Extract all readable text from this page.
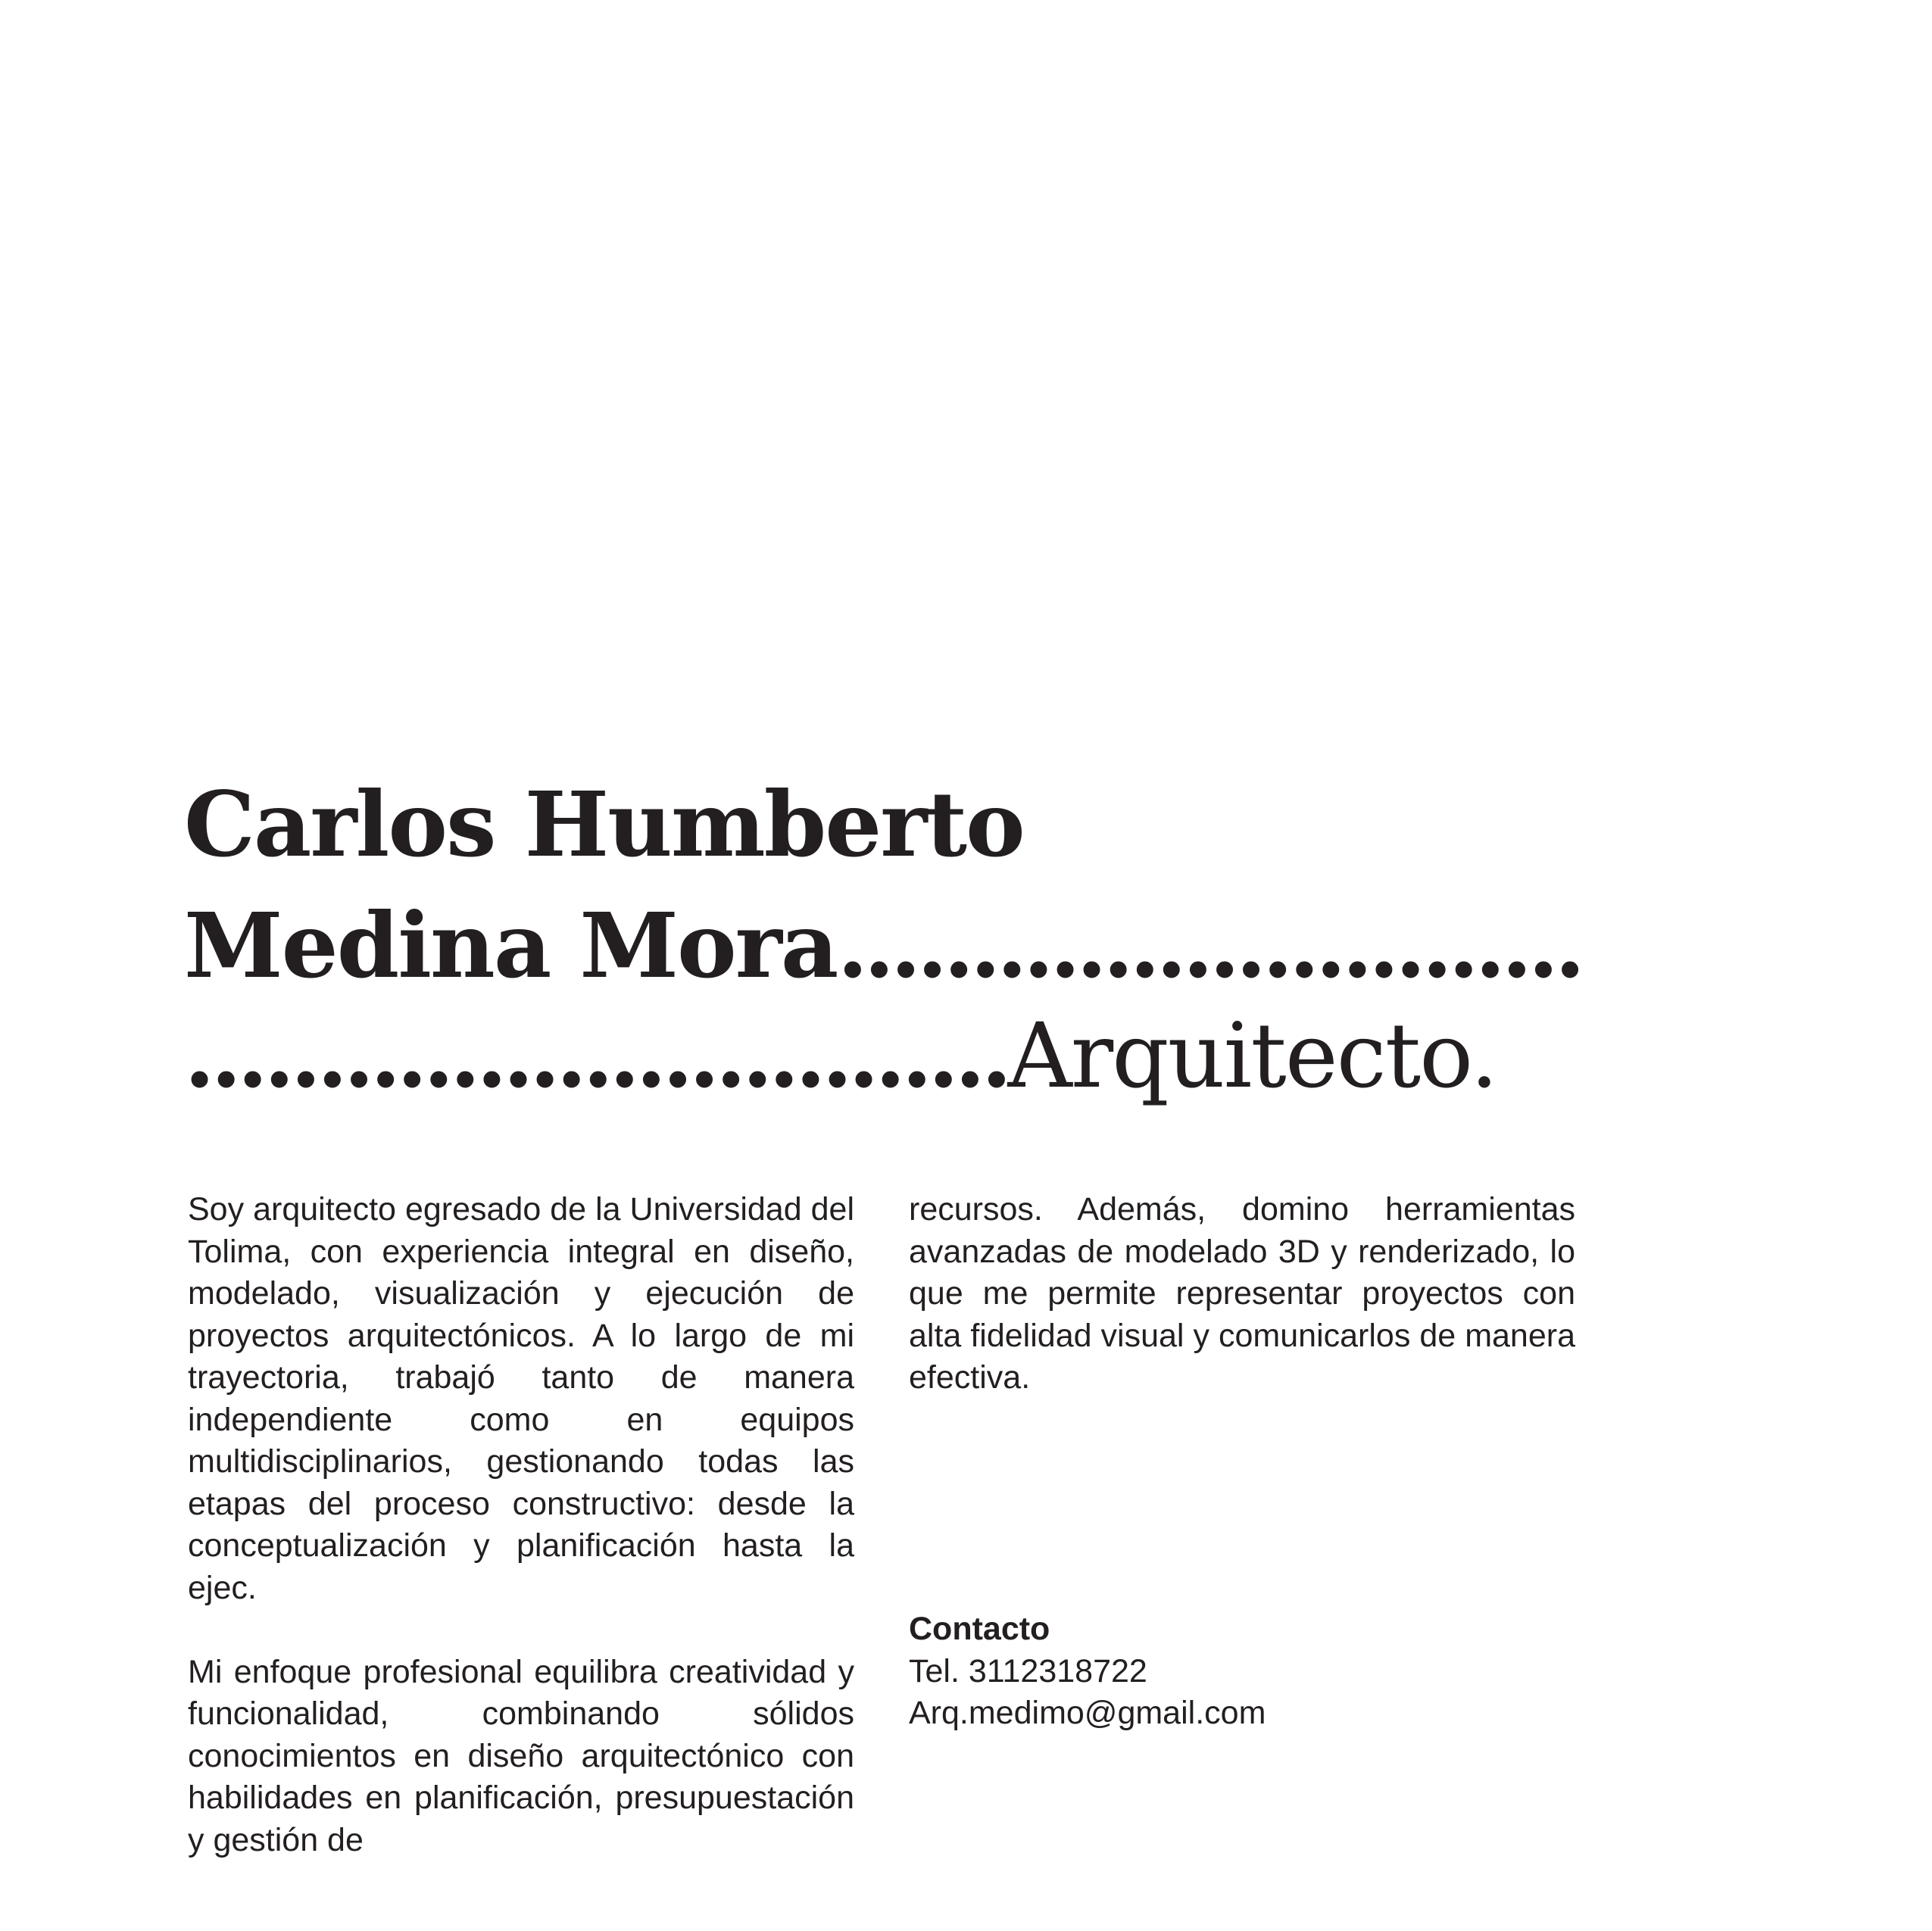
Carlos Humberto
Medina Mora............................
...............................Arquitecto.

Soy arquitecto egresado de la Universidad del Tolima, con experiencia integral en diseño, modelado, visualización y ejecución de proyectos arquitectónicos. A lo largo de mi trayectoria, trabajó tanto de manera independiente como en equipos multidisciplinarios, gestionando todas las etapas del proceso constructivo: desde la conceptualización y planificación hasta la ejec.

Mi enfoque profesional equilibra creatividad y funcionalidad, combinando sólidos conocimientos en diseño arquitectónico con habilidades en planificación, presupuestación y gestión de

recursos. Además, domino herramientas avanzadas de modelado 3D y renderizado, lo que me permite representar proyectos con alta fidelidad visual y comunicarlos de manera efectiva.

Contacto
Tel. 3112318722
Arq.medimo@gmail.com
